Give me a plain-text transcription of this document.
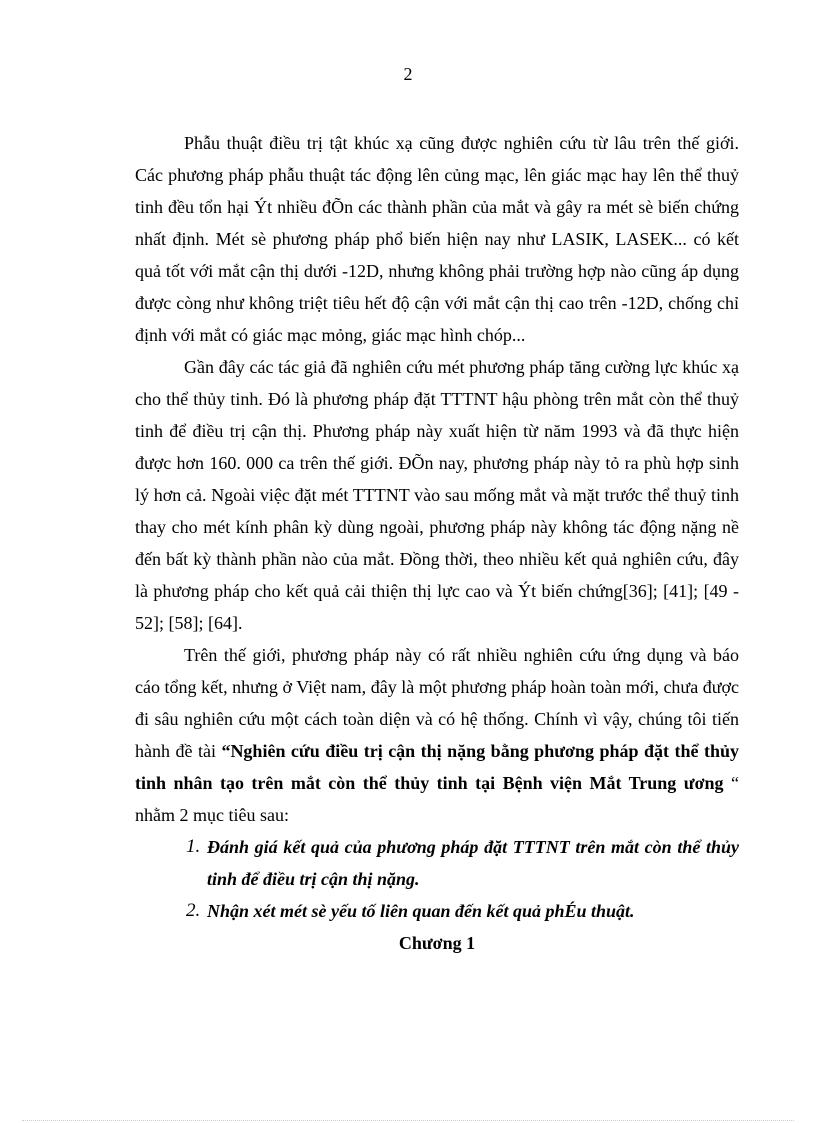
2

Phẫu thuật điều trị tật khúc xạ cũng được nghiên cứu từ lâu trên thế giới. Các phương pháp phẫu thuật tác động lên củng mạc, lên giác mạc hay lên thể thuỷ tinh đều tổn hại Ýt nhiều đÕn các thành phần của mắt và gây ra mét sè biến chứng nhất định. Mét sè phương pháp phổ biến hiện nay như LASIK, LASEK... có kết quả tốt với mắt cận thị dưới -12D, nhưng không phải trường hợp nào cũng áp dụng được còng như không triệt tiêu hết độ cận với mắt cận thị cao trên -12D, chống chỉ định với mắt có giác mạc mỏng, giác mạc hình chóp...

Gần đây các tác giả đã nghiên cứu mét phương pháp tăng cường lực khúc xạ cho thể thủy tinh. Đó là phương pháp đặt TTTNT hậu phòng trên mắt còn thể thuỷ tinh để điều trị cận thị. Phương pháp này xuất hiện từ năm 1993 và đã thực hiện được hơn 160. 000 ca trên thế giới. ĐÕn nay, phương pháp này tỏ ra phù hợp sinh lý hơn cả. Ngoài việc đặt mét TTTNT vào sau mống mắt và mặt trước thể thuỷ tinh thay cho mét kính phân kỳ dùng ngoài, phương pháp này không tác động nặng nề đến bất kỳ thành phần nào của mắt. Đồng thời, theo nhiều kết quả nghiên cứu, đây là phương pháp cho kết quả cải thiện thị lực cao và Ýt biến chứng[36]; [41]; [49 - 52]; [58]; [64].

Trên thế giới, phương pháp này có rất nhiều nghiên cứu ứng dụng và báo cáo tổng kết, nhưng ở Việt nam, đây là một phương pháp hoàn toàn mới, chưa được đi sâu nghiên cứu một cách toàn diện và có hệ thống. Chính vì vậy, chúng tôi tiến hành đề tài “Nghiên cứu điều trị cận thị nặng bằng phương pháp đặt thể thủy tinh nhân tạo trên mắt còn thể thủy tinh tại Bệnh viện Mắt Trung ương “ nhằm 2 mục tiêu sau:

1. Đánh giá kết quả của phương pháp đặt TTTNT trên mắt còn thể thủy tinh để điều trị cận thị nặng.
2. Nhận xét mét sè yếu tố liên quan đến kết quả phÉu thuật.

Chương 1
